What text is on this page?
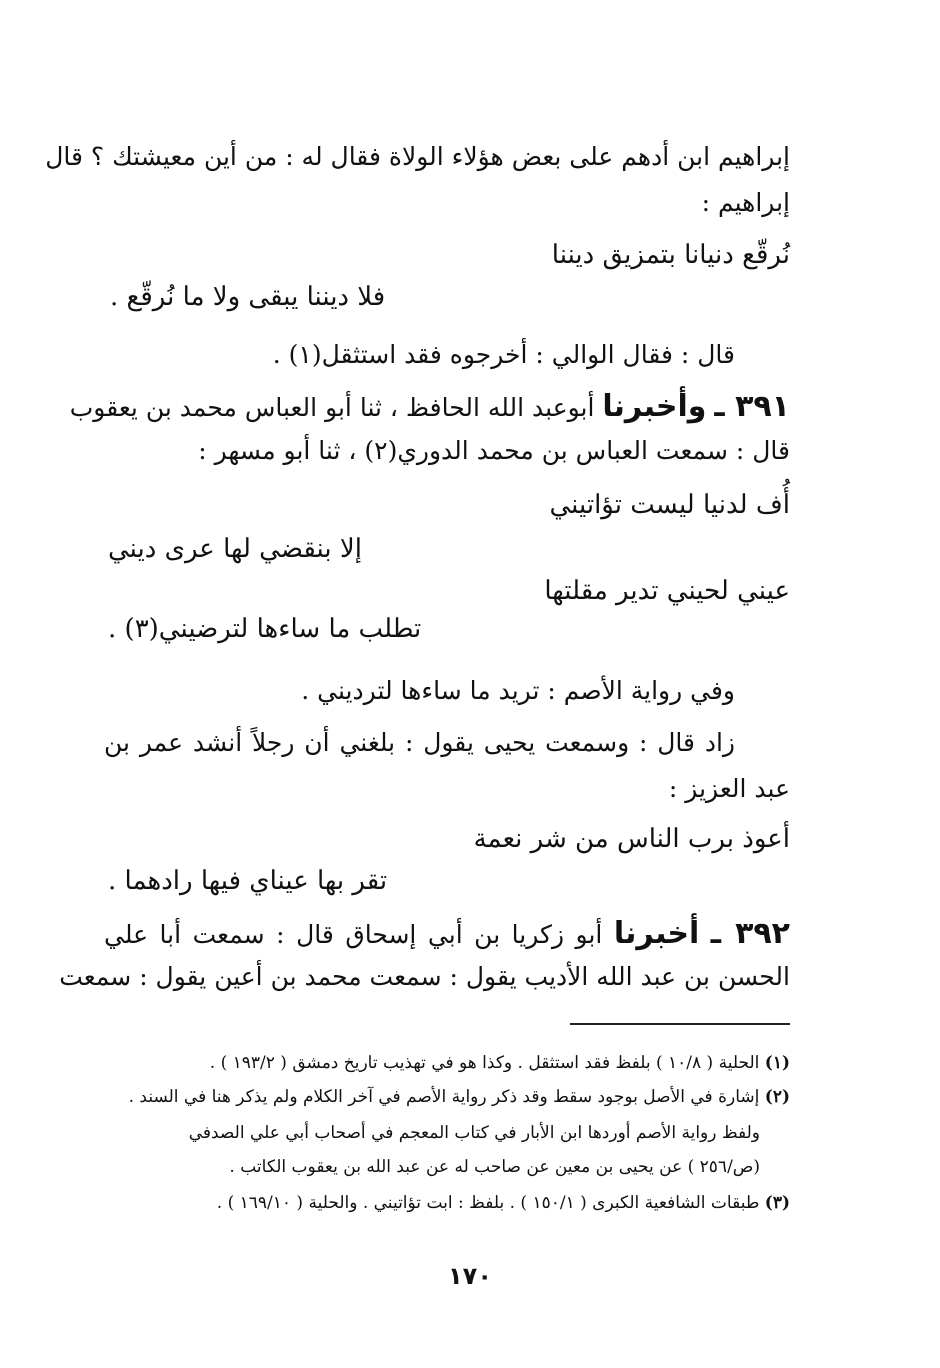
إبراهيم ابن أدهم على بعض هؤلاء الولاة فقال له : من أين معيشتك ؟ قال
إبراهيم :
نُرقّع دنيانا بتمزيق ديننا
فلا ديننا يبقى ولا ما نُرقّع .
قال : فقال الوالي : أخرجوه فقد استثقل(١) .
٣٩١ ـ وأخبرنا أبوعبد الله الحافظ ، ثنا أبو العباس محمد بن يعقوب
قال : سمعت العباس بن محمد الدوري(٢) ، ثنا أبو مسهر :
أُف لدنيا ليست تؤاتيني
إلا بنقضي لها عرى ديني
عيني لحيني تدير مقلتها
تطلب ما ساءها لترضيني(٣) .
وفي رواية الأصم : تريد ما ساءها لترديني .
زاد قال : وسمعت يحيى يقول : بلغني أن رجلاً أنشد عمر بن
عبد العزيز :
أعوذ برب الناس من شر نعمة
تقر بها عيناي فيها رادهما .
٣٩٢ ـ أخبرنا أبو زكريا بن أبي إسحاق قال : سمعت أبا علي
الحسن بن عبد الله الأديب يقول : سمعت محمد بن أعين يقول : سمعت
(١) الحلية ( ١٠/٨ ) بلفظ فقد استثقل . وكذا هو في تهذيب تاريخ دمشق ( ١٩٣/٢ ) .
(٢) إشارة في الأصل بوجود سقط وقد ذكر رواية الأصم في آخر الكلام ولم يذكر هنا في السند .
ولفظ رواية الأصم أوردها ابن الأبار في كتاب المعجم في أصحاب أبي علي الصدفي
(ص/٢٥٦ ) عن يحيى بن معين عن صاحب له عن عبد الله بن يعقوب الكاتب .
(٣) طبقات الشافعية الكبرى ( ١٥٠/١ ) . بلفظ : ابت تؤاتيني . والحلية ( ١٦٩/١٠ ) .
١٧٠
